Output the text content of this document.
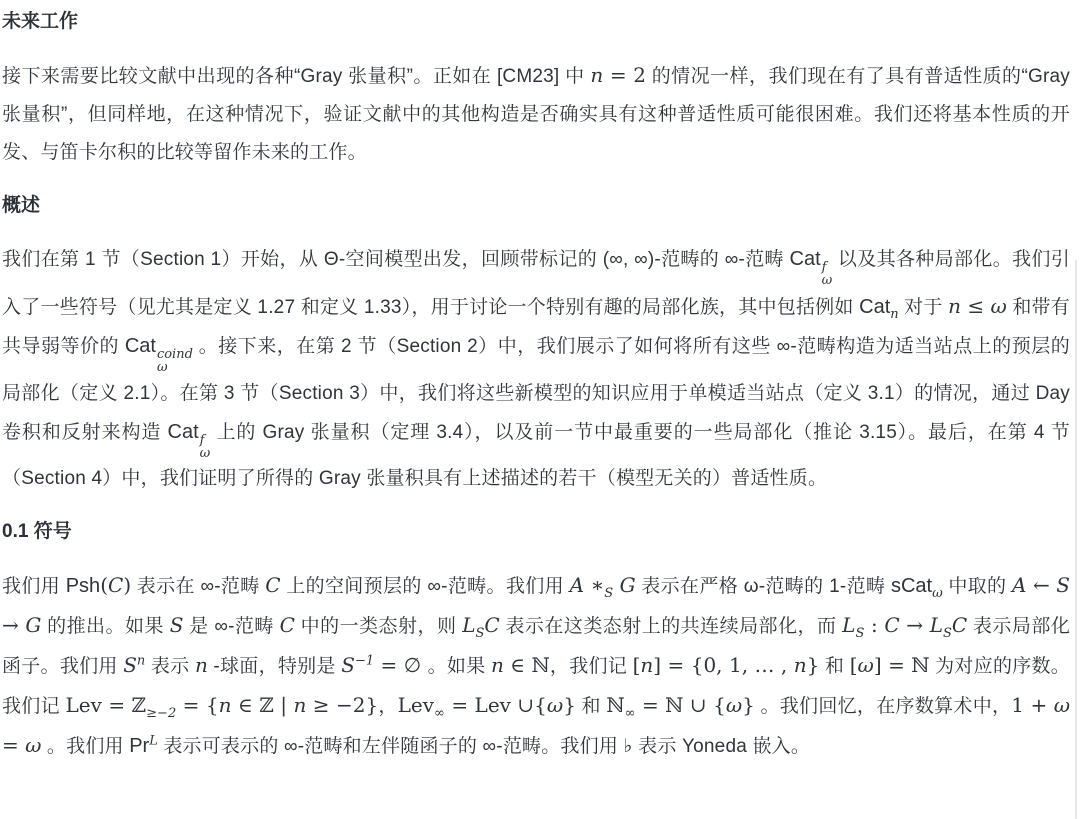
未来工作
接下来需要比较文献中出现的各种“Gray 张量积”。正如在 [CM23] 中 n = 2 的情况一样，我们现在有了具有普适性质的“Gray 张量积”，但同样地，在这种情况下，验证文献中的其他构造是否确实具有这种普适性质可能很困难。我们还将基本性质的开发、与笛卡尔积的比较等留作未来的工作。
概述
我们在第 1 节（Section 1）开始，从 Θ-空间模型出发，回顾带标记的 (∞, ∞)-范畴的 ∞-范畴 Cat f
ω
以及其各种局部化。我们引入了一些符号（见尤其是定义 1.27 和定义 1.33），用于讨论一个特别有趣的局部化族，其中包括例如 Cat$_n$ 对于 n ≤ ω 和带有共导弱等价的 Cat coind
ω
。接下来，在第 2 节（Section 2）中，我们展示了如何将所有这些 ∞-范畴构造为适当站点上的预层的局部化（定义 2.1）。在第 3 节（Section 3）中，我们将这些新模型的知识应用于单模适当站点（定义 3.1）的情况，通过 Day 卷积和反射来构造 Cat f
ω
上的 Gray 张量积（定理 3.4），以及前一节中最重要的一些局部化（推论 3.15）。最后，在第 4 节（Section 4）中，我们证明了所得的 Gray 张量积具有上述描述的若干（模型无关的）普适性质。
0.1 符号
我们用 Psh(C) 表示在 ∞-范畴 C 上的空间预层的 ∞-范畴。我们用 A $∗_S$ G 表示在严格 ω-范畴的 1-范畴 sCat$_\omega$ 中取的 A ← S → G 的推出。如果 S 是 ∞-范畴 C 中的一类态射，则 $L_SC$ 表示在这类态射上的共连续局部化，而 $L_S$ : $C \to L_SC$ 表示局部化函子。我们用 $S^n$ 表示 n -球面，特别是 $S^{-1}$ = ∅ 。如果 n ∈ ℕ，我们记 [n] = {0, 1, … , n} 和 [ω] = ℕ 为对应的序数。我们记 Lev = ℤ$_{\ge-2}$ = {n ∈ ℤ | n ≥ −2}，Lev$_\infty$ = Lev ∪{ω} 和 ℕ$_\infty$ = ℕ ∪ {ω} 。我们回忆，在序数算术中，1 + ω = ω 。我们用 $Pr^L$ 表示可表示的 ∞-范畴和左伴随函子的 ∞-范畴。我们用 ♭ 表示 Yoneda 嵌入。
